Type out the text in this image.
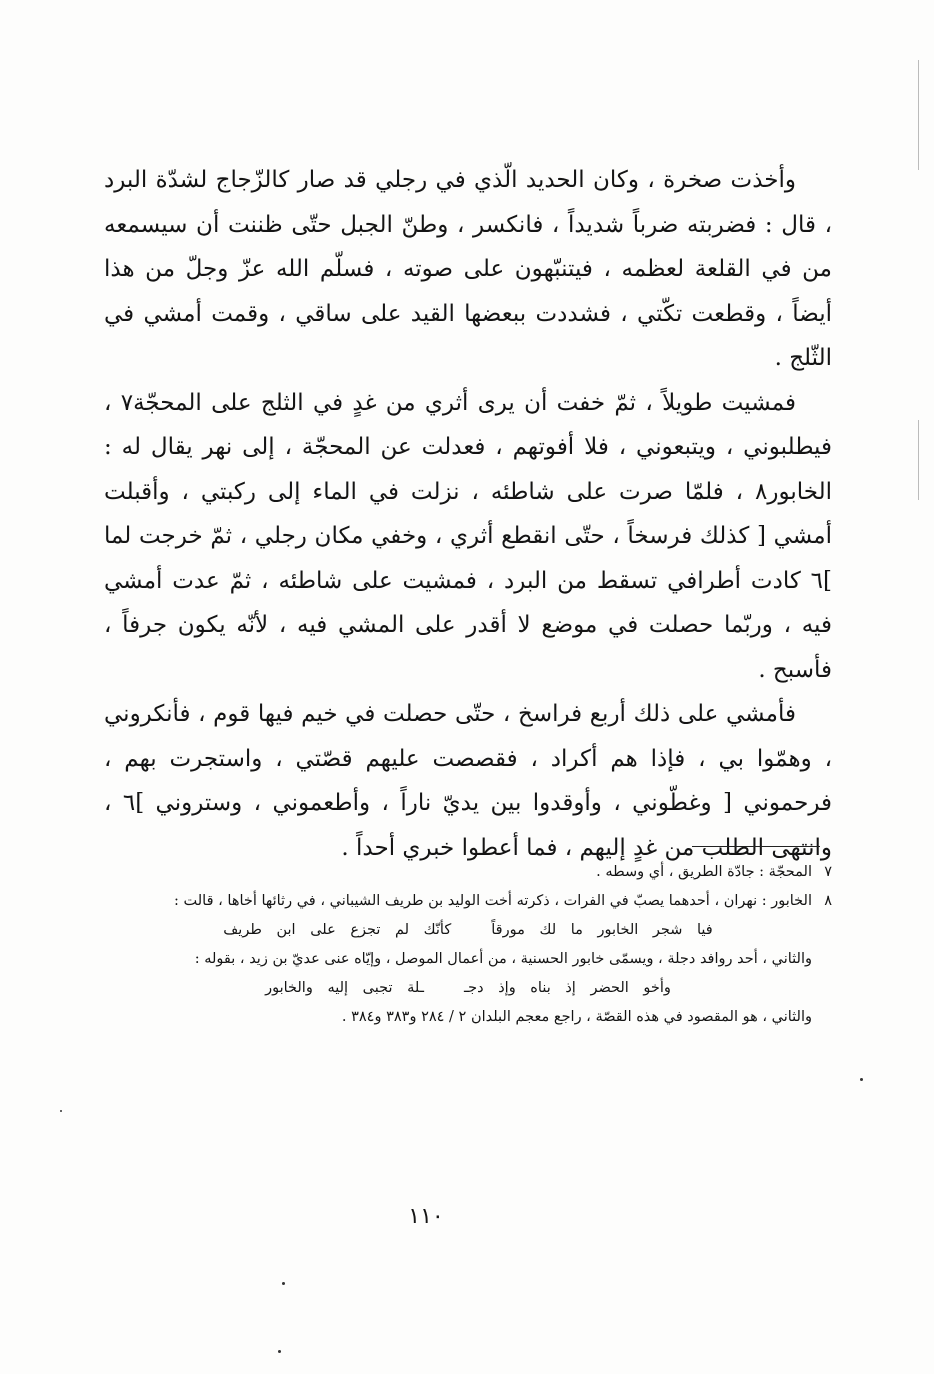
وأخذت صخرة ، وكان الحديد الّذي في رجلي قد صار كالزّجاج لشدّة البرد ، قال : فضربته ضرباً شديداً ، فانكسر ، وطنّ الجبل حتّى ظننت أن سيسمعه من في القلعة لعظمه ، فيتنبّهون على صوته ، فسلّم الله عزّ وجلّ من هذا أيضاً ، وقطعت تكّتي ، فشددت ببعضها القيد على ساقي ، وقمت أمشي في الثّلج .

فمشيت طويلاً ، ثمّ خفت أن يرى أثري من غدٍ في الثلج على المحجّة٧ ، فيطلبوني ، ويتبعوني ، فلا أفوتهم ، فعدلت عن المحجّة ، إلى نهر يقال له : الخابور٨ ، فلمّا صرت على شاطئه ، نزلت في الماء إلى ركبتي ، وأقبلت أمشي [ كذلك فرسخاً ، حتّى انقطع أثري ، وخفي مكان رجلي ، ثمّ خرجت لما ]٦ كادت أطرافي تسقط من البرد ، فمشيت على شاطئه ، ثمّ عدت أمشي فيه ، وربّما حصلت في موضع لا أقدر على المشي فيه ، لأنّه يكون جرفاً ، فأسبح .

فأمشي على ذلك أربع فراسخ ، حتّى حصلت في خيم فيها قوم ، فأنكروني ، وهمّوا بي ، فإذا هم أكراد ، فقصصت عليهم قصّتي ، واستجرت بهم ، فرحموني [ وغطّوني ، وأوقدوا بين يديّ ناراً ، وأطعموني ، وستروني ]٦ ، وانتهى الطلب من غدٍ إليهم ، فما أعطوا خبري أحداً .

٧
المحجّة : جادّة الطريق ، أي وسطه .

٨
الخابور : نهران ، أحدهما يصبّ في الفرات ، ذكرته أخت الوليد بن طريف الشيباني ، في رثائها أخاها ، قالت :

فيا شجر الخابور ما لك مورقاًكأنّك لم تجزع على ابن طريف

والثاني ، أحد روافد دجلة ، ويسمّى خابور الحسنية ، من أعمال الموصل ، وإيّاه عنى عديّ بن زيد ، بقوله :

وأخو الحضر إذ بناه وإذ دجــلة تجبى إليه والخابور

والثاني ، هو المقصود في هذه القصّة ، راجع معجم البلدان ٢ / ٢٨٤ و٣٨٣ و٣٨٤ .

١١٠
